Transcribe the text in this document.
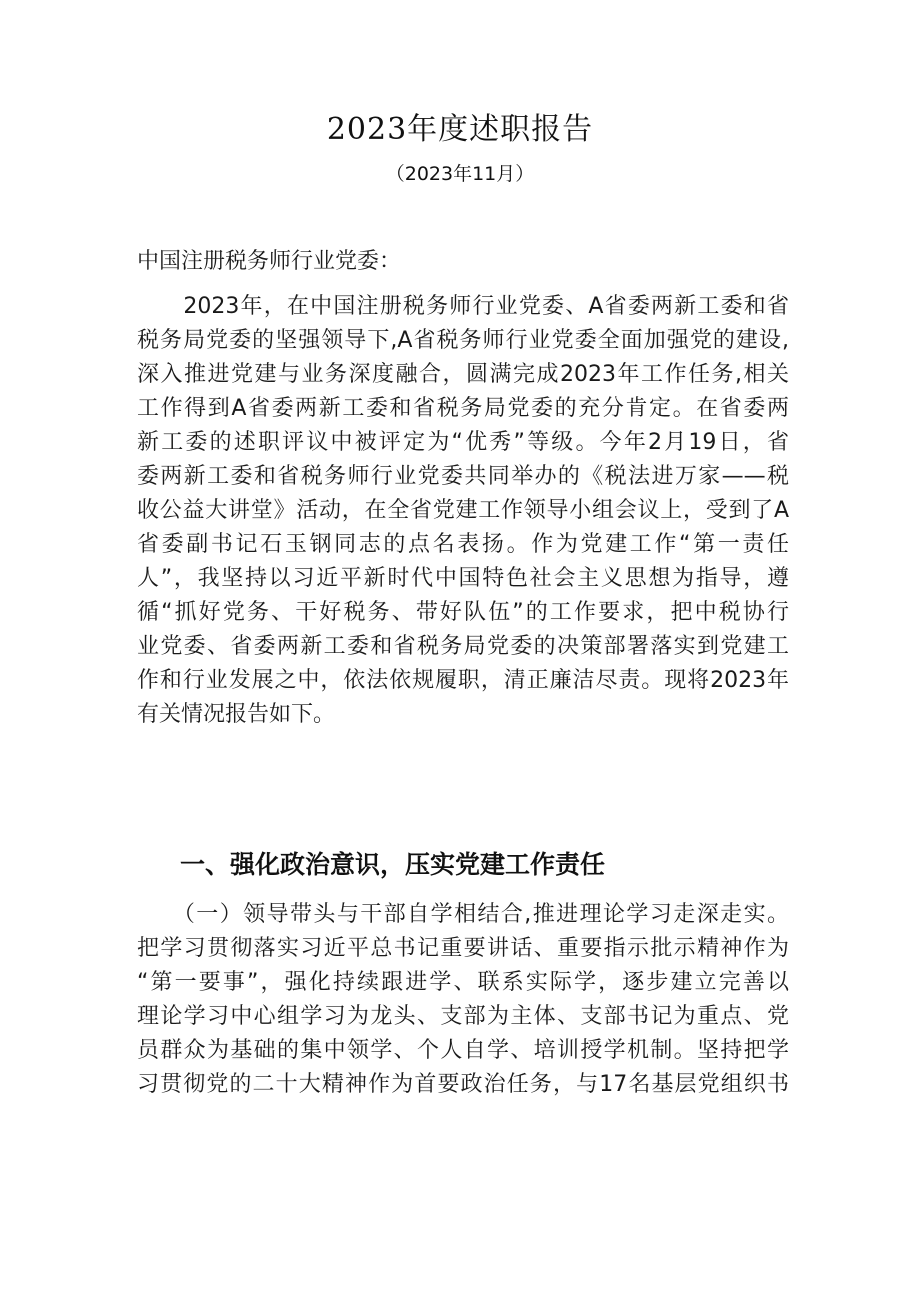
2023年度述职报告
（2023年11月）
中国注册税务师行业党委：
　　2023年，在中国注册税务师行业党委、A省委两新工委和省
税务局党委的坚强领导下,A省税务师行业党委全面加强党的建设,
深入推进党建与业务深度融合，圆满完成2023年工作任务,相关
工作得到A省委两新工委和省税务局党委的充分肯定。在省委两
新工委的述职评议中被评定为“优秀”等级。今年2月19日，省
委两新工委和省税务师行业党委共同举办的《税法进万家——税
收公益大讲堂》活动，在全省党建工作领导小组会议上，受到了A
省委副书记石玉钢同志的点名表扬。作为党建工作“第一责任
人”，我坚持以习近平新时代中国特色社会主义思想为指导，遵
循“抓好党务、干好税务、带好队伍”的工作要求，把中税协行
业党委、省委两新工委和省税务局党委的决策部署落实到党建工
作和行业发展之中，依法依规履职，清正廉洁尽责。现将2023年
有关情况报告如下。
一、强化政治意识，压实党建工作责任
　　（一）领导带头与干部自学相结合,推进理论学习走深走实。
把学习贯彻落实习近平总书记重要讲话、重要指示批示精神作为
“第一要事”，强化持续跟进学、联系实际学，逐步建立完善以
理论学习中心组学习为龙头、支部为主体、支部书记为重点、党
员群众为基础的集中领学、个人自学、培训授学机制。坚持把学
习贯彻党的二十大精神作为首要政治任务，与17名基层党组织书
